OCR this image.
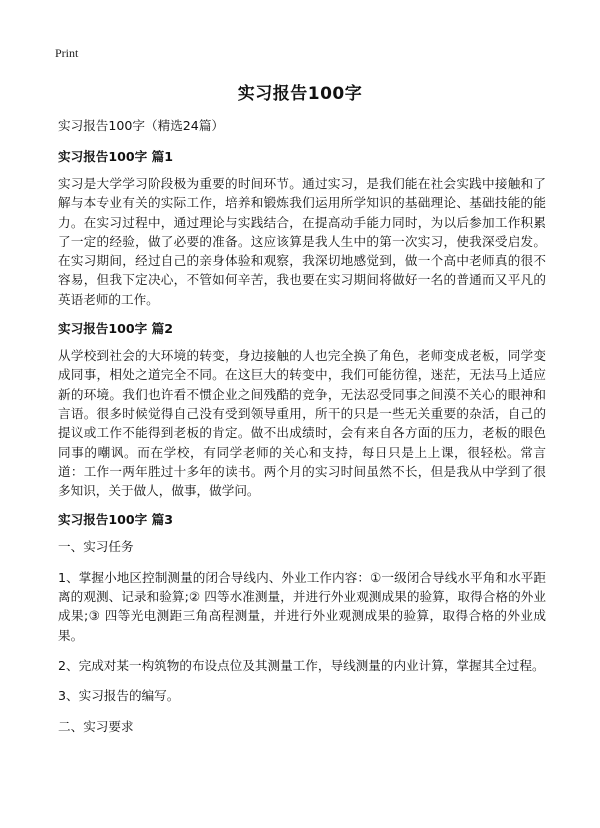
Print
实习报告100字

实习报告100字（精选24篇）

实习报告100字 篇1

实习是大学学习阶段极为重要的时间环节。通过实习，是我们能在社会实践中接触和了解与本专业有关的实际工作，培养和锻炼我们运用所学知识的基础理论、基础技能的能力。在实习过程中，通过理论与实践结合，在提高动手能力同时，为以后参加工作积累了一定的经验，做了必要的准备。这应该算是我人生中的第一次实习，使我深受启发。在实习期间，经过自己的亲身体验和观察，我深切地感觉到，做一个高中老师真的很不容易，但我下定决心，不管如何辛苦，我也要在实习期间将做好一名的普通而又平凡的英语老师的工作。

实习报告100字 篇2

从学校到社会的大环境的转变，身边接触的人也完全换了角色，老师变成老板，同学变成同事，相处之道完全不同。在这巨大的转变中，我们可能彷徨，迷茫，无法马上适应新的环境。我们也许看不惯企业之间残酷的竞争，无法忍受同事之间漠不关心的眼神和言语。很多时候觉得自己没有受到领导重用，所干的只是一些无关重要的杂活，自己的提议或工作不能得到老板的肯定。做不出成绩时，会有来自各方面的压力，老板的眼色同事的嘲讽。而在学校，有同学老师的关心和支持，每日只是上上课，很轻松。常言道：工作一两年胜过十多年的读书。两个月的实习时间虽然不长，但是我从中学到了很多知识，关于做人，做事，做学问。

实习报告100字 篇3

一、实习任务

1、掌握小地区控制测量的闭合导线内、外业工作内容：①一级闭合导线水平角和水平距离的观测、记录和验算;② 四等水准测量，并进行外业观测成果的验算，取得合格的外业成果;③ 四等光电测距三角高程测量，并进行外业观测成果的验算，取得合格的外业成果。

2、完成对某一构筑物的布设点位及其测量工作，导线测量的内业计算，掌握其全过程。

3、实习报告的编写。

二、实习要求
